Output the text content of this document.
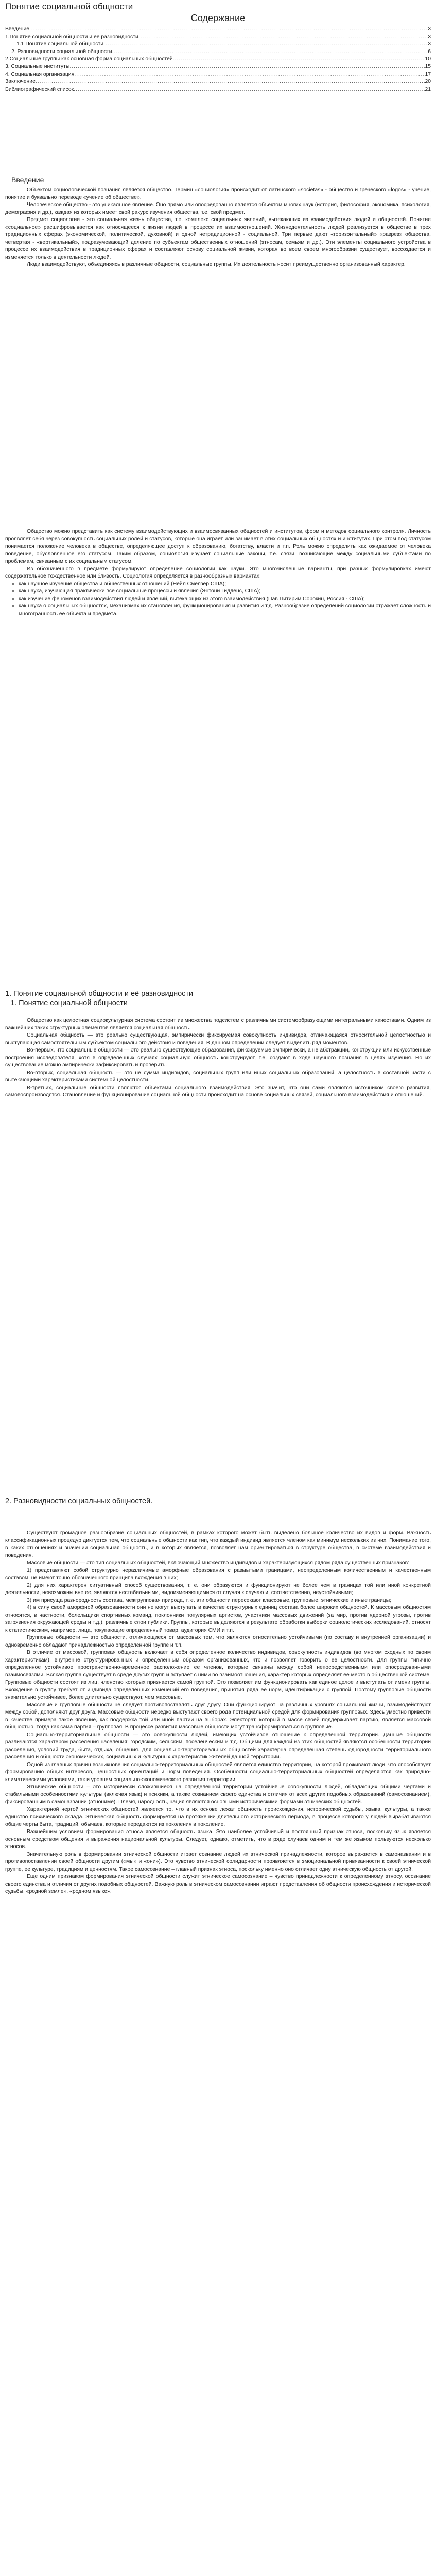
Понятие социальной общности
Содержание
Введение .....	3
1.Понятие социальной общности и её разновидности .....	3
1.1 Понятие социальной общности .....	3
2. Разновидности социальной общности .....	6
2.Социальные группы как основная форма социальных общностей .....	10
3. Социальные институты .....	15
4. Социальная организация .....	17
Заключение .....	20
Библиографический список .....	21
Введение

Объектом социологической познания является общество. Термин «социология» происходит от латинского «societas» - общество и греческого «logos» - учение, понятие и буквально переводе «учение об обществе».

Человеческое общество - это уникальное явление. Оно прямо или опосредованно является объектом многих наук (история, философия, экономика, психология, демография и др.), каждая из которых имеет свой ракурс изучения общества, т.е. свой предмет.

Предмет социологии - это социальная жизнь общества, т.е. комплекс социальных явлений, вытекающих из взаимодействия людей и общностей. Понятие «социальное» расшифровывается как относящееся к жизни людей в процессе их взаимоотношений. Жизнедеятельность людей реализуется в обществе в трех традиционных сферах (экономической, политической, духовной) и одной нетрадиционной - социальной. Три первые дают «горизонтальный» «разрез» общества, четвертая - «вертикальный», подразумевающий деление по субъектам общественных отношений (этносам, семьям и др.). Эти элементы социального устройства в процессе их взаимодействия в традиционных сферах и составляют основу социальной жизни, которая во всем своем многообразии существует, воссоздается и изменяется только в деятельности людей.

Люди взаимодействуют, объединяясь в различные общности, социальные группы. Их деятельность носит преимущественно организованный характер.

Общество можно представить как систему взаимодействующих и взаимосвязанных общностей и институтов, форм и методов социального контроля. Личность проявляет себя через совокупность социальных ролей и статусов, которые она играет или занимает в этих социальных общностях и институтах. При этом под статусом понимается положение человека в обществе, определяющее доступ к образованию, богатству, власти и т.п. Роль можно определить как ожидаемое от человека поведение, обусловленное его статусом. Таким образом, социология изучает социальные законы, т.е. связи, возникающие между социальными субъектами по проблемам, связанным с их социальным статусом.

Из обозначенного в предмете формулируют определение социологии как науки. Это многочисленные варианты, при разных формулировках имеют содержательное тождественное или близость. Социология определяется в разнообразных вариантах:

• как научное изучение общества и общественных отношений (Нейл Смелзер,США);
• как наука, изучающая практически все социальные процессы и явления (Энтони Гидденс, США);
• как изучение феноменов взаимодействия людей и явлений, вытекающих из этого взаимодействия (Пав Питирим Сорокин, Россия - США);
• как наука о социальных общностях, механизмах их становления, функционирования и развития и т.д. Разнообразие определений социологии отражает сложность и многогранность ее объекта и предмета.
1. Понятие социальной общности и её разновидности
1. Понятие социальной общности

Общество как целостная социокультурная система состоит из множества подсистем с различными системообразующими интегральными качествами. Одним из важнейших таких структурных элементов является социальная общность.

Социальная общность — это реально существующая, эмпирически фиксируемая совокупность индивидов, отличающаяся относительной целостностью и выступающая самостоятельным субъектом социального действия и поведения. В данном определении следует выделить ряд моментов.

Во-первых, что социальные общности — это реально существующие образования, фиксируемые эмпирически, а не абстракции, конструкции или искусственные построения исследователя, хотя в определенных случаях социальную общность конструируют, т.е. создают в ходе научного познания в целях изучения. Но их существование можно эмпирически зафиксировать и проверить.

Во-вторых, социальная общность — это не сумма индивидов, социальных групп или иных социальных образований, а целостность в составной части с вытекающими характеристиками системной целостности.

В-третьих, социальные общности являются объектами социального взаимодействия. Это значит, что они сами являются источником своего развития, самовоспроизводятся. Становление и функционирование социальной общности происходит на основе социальных связей, социального взаимодействия и отношений.

2. Разновидности социальных общностей.

Существуют громадное разнообразие социальных общностей, в рамках которого может быть выделено большое количество их видов и форм. Важность классификационных процедур диктуется тем, что социальные общности как тип, что каждый индивид является членом как минимум нескольких из них. Понимание того, в каких отношениях и значении социальная общность, и в которых является, позволяет нам ориентироваться в структуре общества, в системе взаимодействия и поведения.

Массовые общности — это тип социальных общностей, включающий множество индивидов и характеризующихся рядом ряда существенных признаков:

1) представляют собой структурно неразличимые аморфные образования с размытыми границами, неопределенным количественным и качественным составом, не имеют точно обозначенного принципа вхождения в них;

2) для них характерен ситуативный способ существования, т. е. они образуются и функционируют не более чем в границах той или иной конкретной деятельности, невозможны вне ее, являются нестабильными, видоизменяющимися от случая к случаю и, соответственно, неустойчивыми;

3) им присуща разнородность состава, межгрупповая природа, т. е. эти общности пересекают классовые, групповые, этнические и иные границы;

4) в силу своей аморфной образованности они не могут выступать в качестве структурных единиц состава более широких общностей. К массовым общностям относятся, в частности, болельщики спортивных команд, поклонники популярных артистов, участники массовых движений (за мир, против ядерной угрозы, против загрязнения окружающей среды и т.д.), различные слои публики. Группы, которые выделяются в результате обработки выборки социологических исследований, относят к статистическим, например, лица, покупающие определенный товар, аудитория СМИ и т.п.

Групповые общности — это общности, отличающиеся от массовых тем, что являются относительно устойчивыми (по составу и внутренней организации) и одновременно обладают принадлежностью определенной группе и т.п.

В отличие от массовой, групповая общность включает в себя определенное количество индивидов, совокупность индивидов (во многом сходных по своим характеристикам), внутренне структурированных и определенным образом организованных, что и позволяет говорить о ее целостности. Для группы типично определенное устойчивое пространственно-временное расположение ее членов, которые связаны между собой непосредственными или опосредованными взаимосвязями. Всякая группа существует в среде других групп и вступает с ними во взаимоотношения, характер которых определяет ее место в общественной системе. Групповые общности состоят из лиц, членство которых признается самой группой. Это позволяет им функционировать как единое целое и выступать от имени группы. Вхождение в группу требует от индивида определенных изменений его поведения, принятия ряда ее норм, идентификации с группой. Поэтому групповые общности значительно устойчивее, более длительно существуют, чем массовые.

Массовые и групповые общности не следует противопоставлять друг другу. Они функционируют на различных уровнях социальной жизни, взаимодействуют между собой, дополняют друг друга. Массовые общности нередко выступают своего рода потенциальной средой для формирования групповых. Здесь уместно привести в качестве примера такое явление, как поддержка той или иной партии на выборах. Электорат, который в массе своей поддерживает партию, является массовой общностью, тогда как сама партия – групповая. В процессе развития массовые общности могут трансформироваться в групповые.

Социально-территориальные общности — это совокупности людей, имеющих устойчивое отношение к определенной территории. Данные общности различаются характером расселения населения: городским, сельским, поселенческим и т.д. Общими для каждой из этих общностей являются особенности территории расселения, условий труда, быта, отдыха, общения. Для социально-территориальных общностей характерна определенная степень однородности территориального расселения и общности экономических, социальных и культурных характеристик жителей данной территории.

Одной из главных причин возникновения социально-территориальных общностей является единство территории, на которой проживают люди, что способствует формированию общих интересов, ценностных ориентаций и норм поведения. Особенности социально-территориальных общностей определяются как природно-климатическими условиями, так и уровнем социально-экономического развития территории.

Этнические общности – это исторически сложившиеся на определенной территории устойчивые совокупности людей, обладающих общими чертами и стабильными особенностями культуры (включая язык) и психики, а также сознанием своего единства и отличия от всех других подобных образований (самосознанием), фиксированным в самоназвании (этнониме). Племя, народность, нация являются основными историческими формами этнических общностей.

Характерной чертой этнических общностей является то, что в их основе лежат общность происхождения, исторической судьбы, языка, культуры, а также единство психического склада. Этническая общность формируется на протяжении длительного исторического периода, в процессе которого у людей вырабатываются общие черты быта, традиций, обычаев, которые передаются из поколения в поколение.

Важнейшим условием формирования этноса является общность языка. Это наиболее устойчивый и постоянный признак этноса, поскольку язык является основным средством общения и выражения национальной культуры. Следует, однако, отметить, что в ряде случаев одним и тем же языком пользуются несколько этносов.

Значительную роль в формировании этнической общности играет сознание людей их этнической принадлежности, которое выражается в самоназвании и в противопоставлении своей общности другим («мы» и «они»). Это чувство этнической солидарности проявляется в эмоциональной привязанности к своей этнической группе, ее культуре, традициям и ценностям. Такое самосознание – главный признак этноса, поскольку именно оно отличает одну этническую общность от другой.

Еще одним признаком формирования этнической общности служит этническое самосознание – чувство принадлежности к определенному этносу, осознание своего единства и отличия от других подобных общностей. Важную роль в этническом самосознании играют представления об общности происхождения и исторической судьбы, «родной земле», «родном языке».
